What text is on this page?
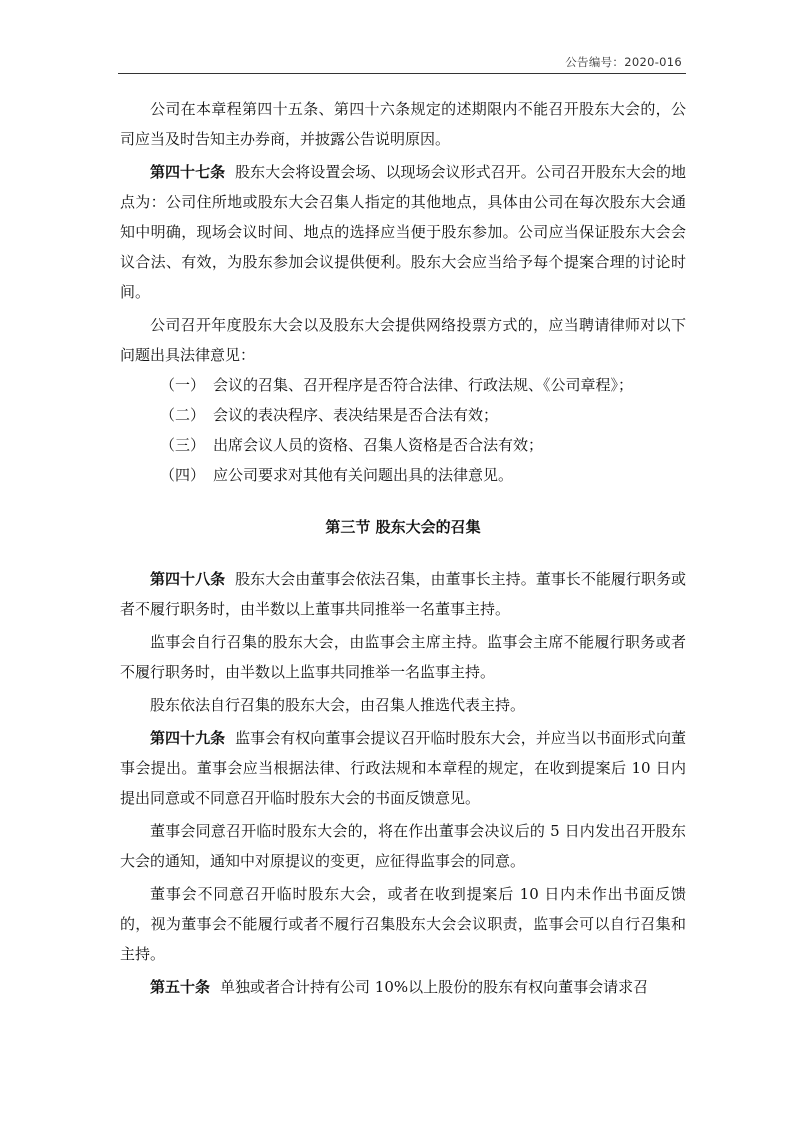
公告编号：2020-016

公司在本章程第四十五条、第四十六条规定的述期限内不能召开股东大会的，公司应当及时告知主办券商，并披露公告说明原因。

第四十七条 股东大会将设置会场、以现场会议形式召开。公司召开股东大会的地点为：公司住所地或股东大会召集人指定的其他地点，具体由公司在每次股东大会通知中明确，现场会议时间、地点的选择应当便于股东参加。公司应当保证股东大会会议合法、有效，为股东参加会议提供便利。股东大会应当给予每个提案合理的讨论时间。

公司召开年度股东大会以及股东大会提供网络投票方式的，应当聘请律师对以下问题出具法律意见：

（一） 会议的召集、召开程序是否符合法律、行政法规、《公司章程》；

（二） 会议的表决程序、表决结果是否合法有效；

（三） 出席会议人员的资格、召集人资格是否合法有效；

（四） 应公司要求对其他有关问题出具的法律意见。

第三节 股东大会的召集

第四十八条 股东大会由董事会依法召集，由董事长主持。董事长不能履行职务或者不履行职务时，由半数以上董事共同推举一名董事主持。

监事会自行召集的股东大会，由监事会主席主持。监事会主席不能履行职务或者不履行职务时，由半数以上监事共同推举一名监事主持。

股东依法自行召集的股东大会，由召集人推选代表主持。

第四十九条 监事会有权向董事会提议召开临时股东大会，并应当以书面形式向董事会提出。董事会应当根据法律、行政法规和本章程的规定，在收到提案后 10 日内提出同意或不同意召开临时股东大会的书面反馈意见。

董事会同意召开临时股东大会的，将在作出董事会决议后的 5 日内发出召开股东大会的通知，通知中对原提议的变更，应征得监事会的同意。

董事会不同意召开临时股东大会，或者在收到提案后 10 日内未作出书面反馈的，视为董事会不能履行或者不履行召集股东大会会议职责，监事会可以自行召集和主持。

第五十条 单独或者合计持有公司 10%以上股份的股东有权向董事会请求召
